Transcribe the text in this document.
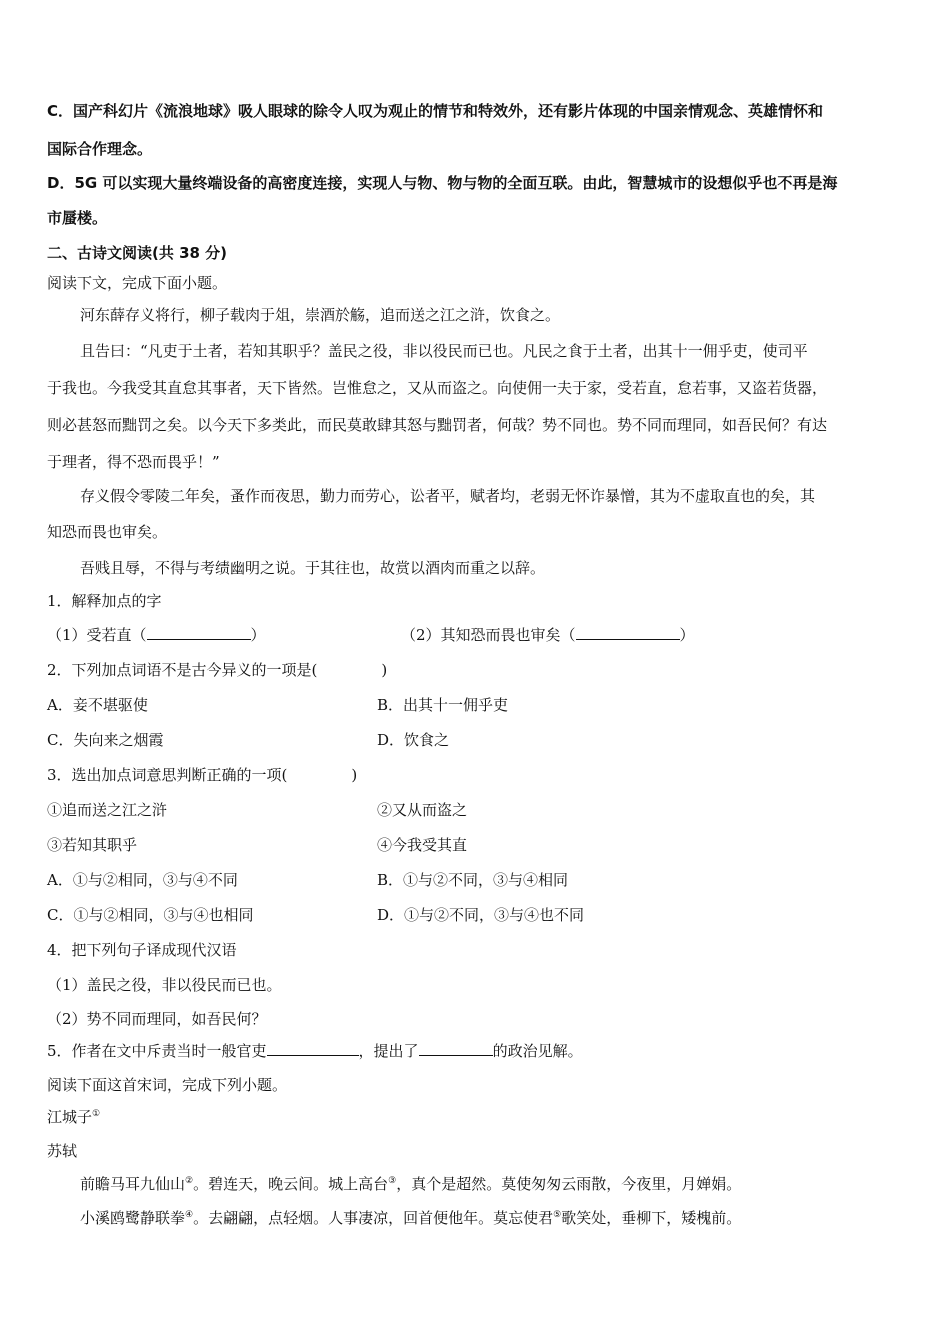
C．国产科幻片《流浪地球》吸人眼球的除令人叹为观止的情节和特效外，还有影片体现的中国亲情观念、英雄情怀和
国际合作理念。
D．5G 可以实现大量终端设备的高密度连接，实现人与物、物与物的全面互联。由此，智慧城市的设想似乎也不再是海
市蜃楼。
二、古诗文阅读(共 38 分)
阅读下文，完成下面小题。
河东薛存义将行，柳子载肉于俎，崇酒於觞，追而送之江之浒，饮食之。
且告曰：“凡吏于土者，若知其职乎？盖民之役，非以役民而已也。凡民之食于土者，出其十一佣乎吏，使司平
于我也。今我受其直怠其事者，天下皆然。岂惟怠之，又从而盗之。向使佣一夫于家，受若直，怠若事，又盗若货器，
则必甚怒而黜罚之矣。以今天下多类此，而民莫敢肆其怒与黜罚者，何哉？势不同也。势不同而理同，如吾民何？有达
于理者，得不恐而畏乎！”
存义假令零陵二年矣，蚤作而夜思，勤力而劳心，讼者平，赋者均，老弱无怀诈暴憎，其为不虚取直也的矣，其
知恐而畏也审矣。
吾贱且辱，不得与考绩幽明之说。于其往也，故赏以酒肉而重之以辞。
1．解释加点的字
（1）受若直（	）	（2）其知恐而畏也审矣（	）
2．下列加点词语不是古今异义的一项是(	)
A．妾不堪驱使	B．出其十一佣乎吏
C．失向来之烟霞	D．饮食之
3．选出加点词意思判断正确的一项(	)
①追而送之江之浒	②又从而盗之
③若知其职乎	④今我受其直
A．①与②相同，③与④不同	B．①与②不同，③与④相同
C．①与②相同，③与④也相同	D．①与②不同，③与④也不同
4．把下列句子译成现代汉语
（1）盖民之役，非以役民而已也。
（2）势不同而理同，如吾民何？
5．作者在文中斥责当时一般官吏	，提出了	的政治见解。
阅读下面这首宋词，完成下列小题。
江城子①
苏轼
前瞻马耳九仙山②。碧连天，晚云间。城上高台③，真个是超然。莫使匆匆云雨散，今夜里，月婵娟。
小溪鸥鹭静联拳④。去翩翩，点轻烟。人事凄凉，回首便他年。莫忘使君⑤歌笑处，垂柳下，矮槐前。
